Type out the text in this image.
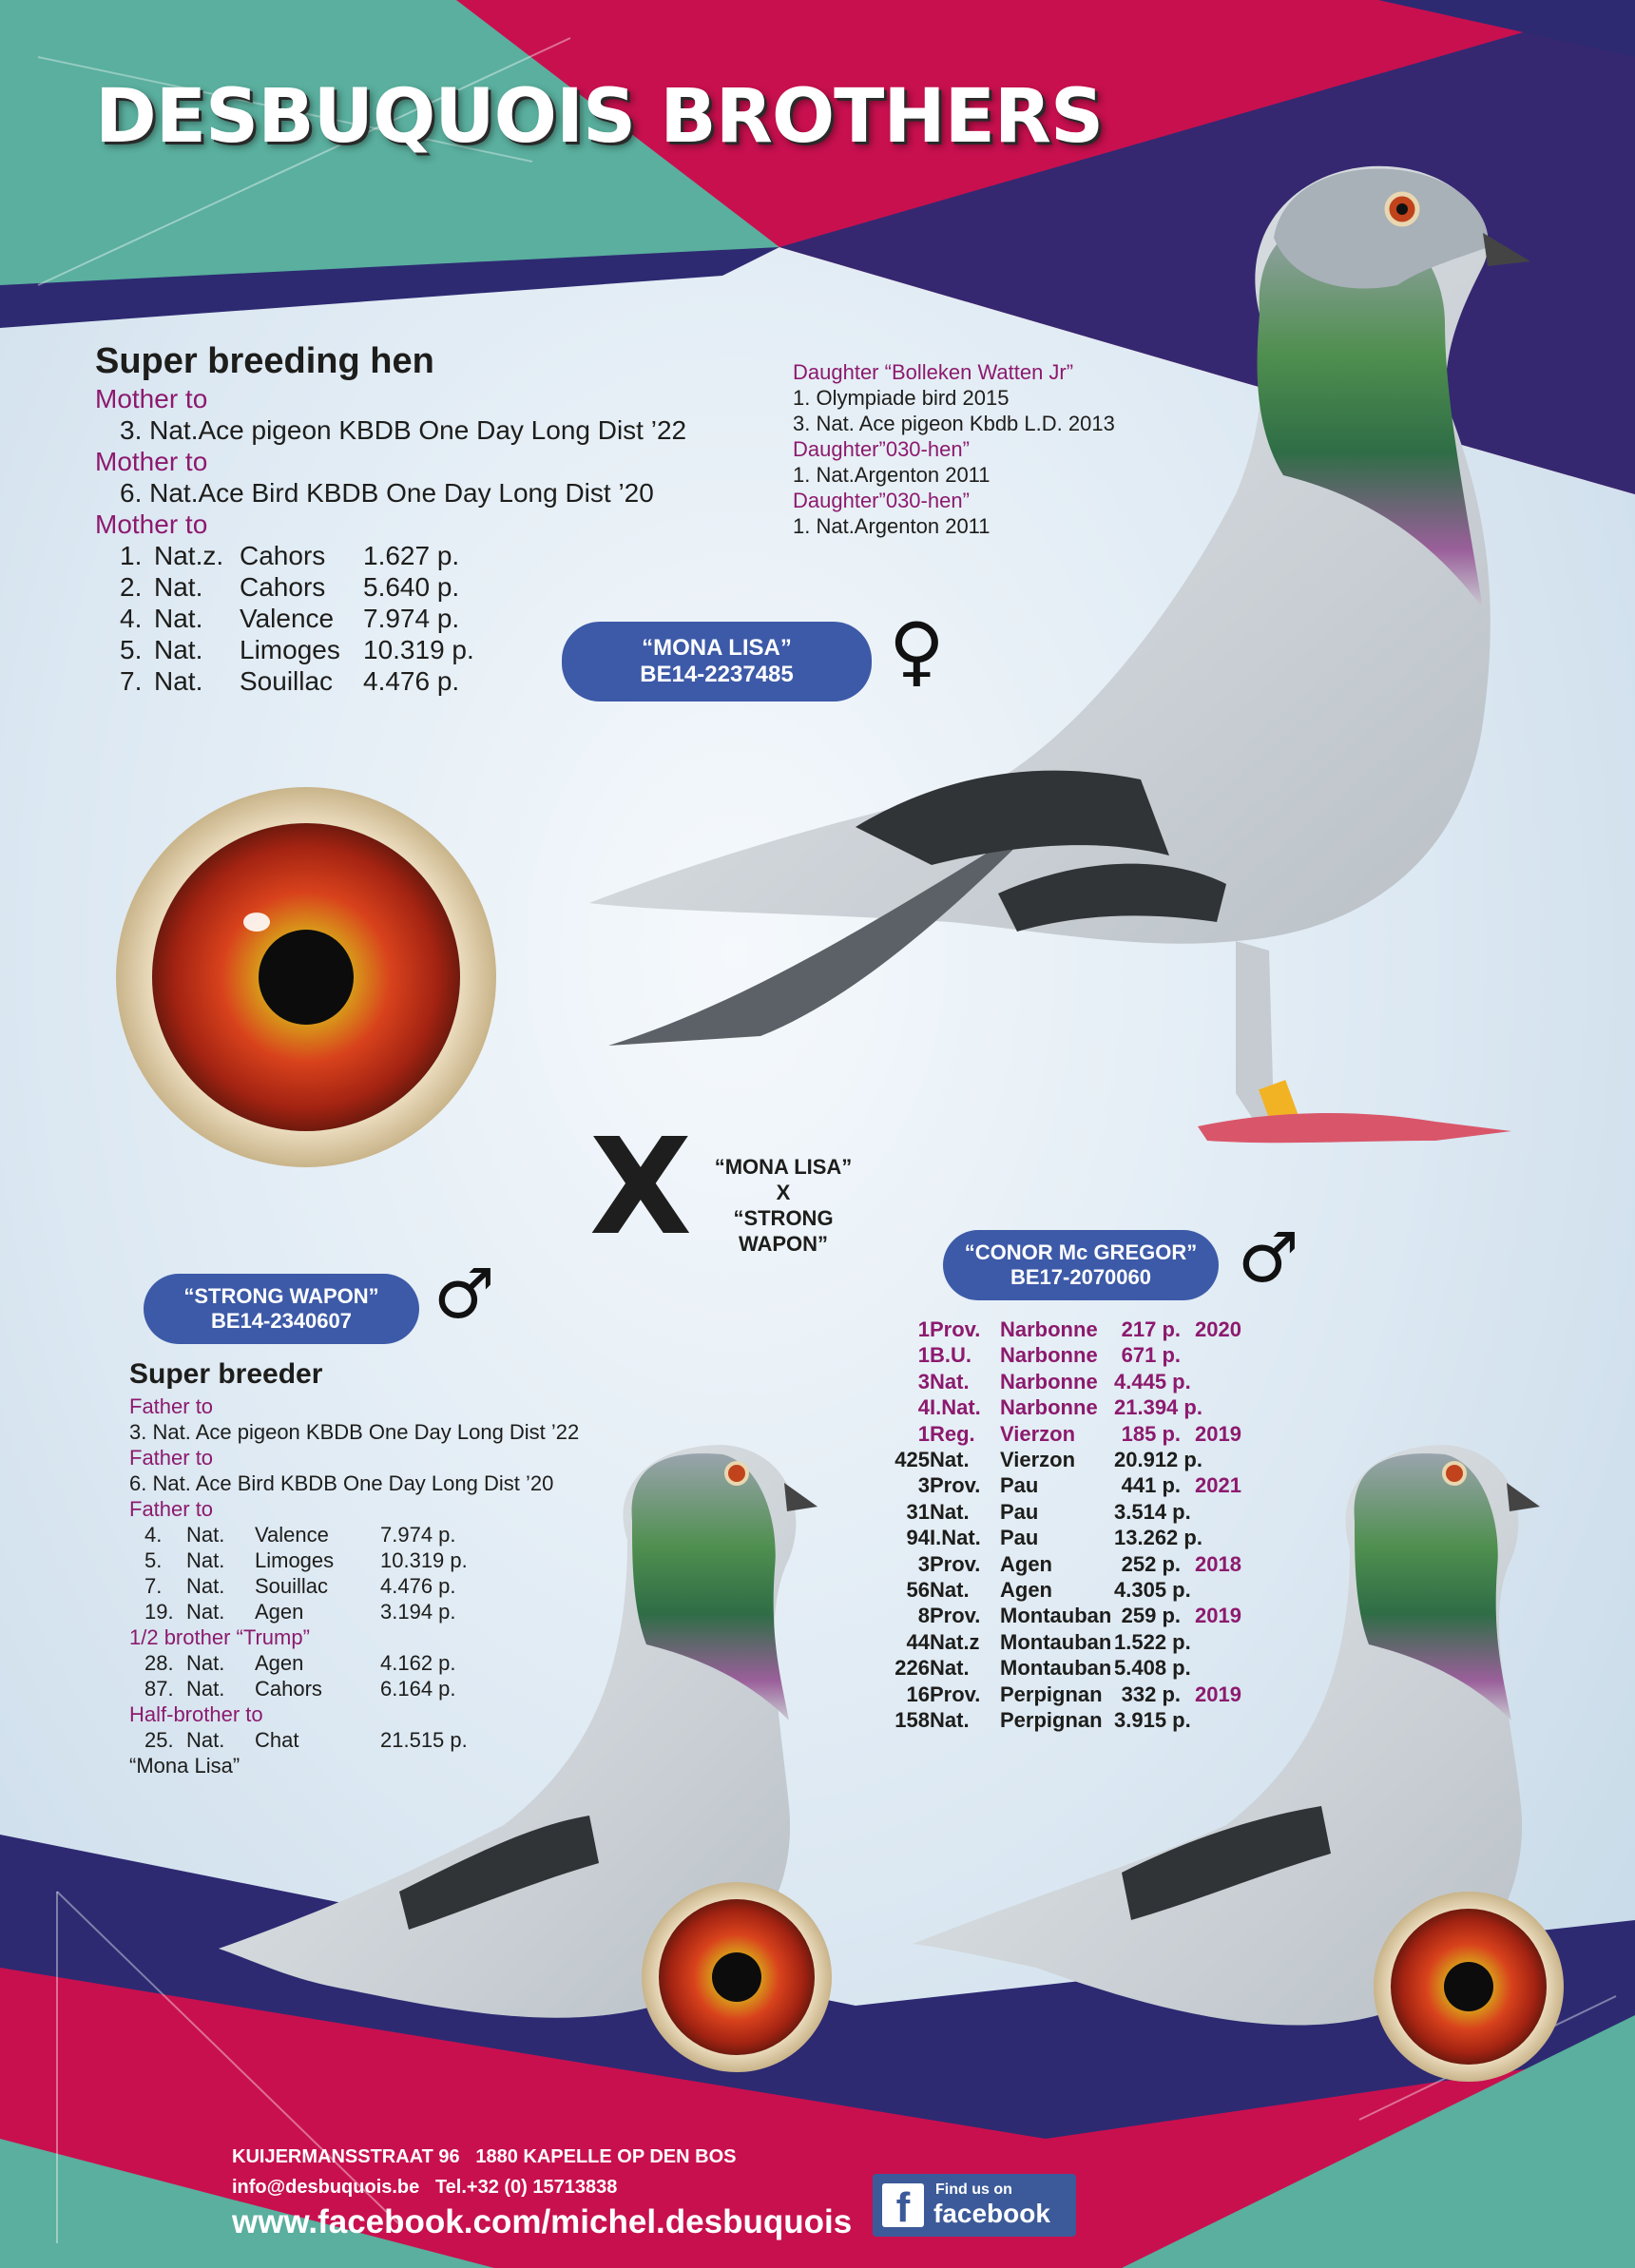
DESBUQUOIS BROTHERS
Super breeding hen
Mother to
3. Nat.Ace pigeon KBDB One Day Long Dist ’22
Mother to
6. Nat.Ace Bird KBDB One Day Long Dist ’20
Mother to
1. Nat.z. Cahors	1.627 p.
2. Nat.	Cahors	5.640 p.
4. Nat.	Valence	7.974 p.
5. Nat.	Limoges 10.319 p.
7. Nat.	Souillac	4.476 p.
Daughter “Bolleken Watten Jr”
1. Olympiade bird 2015
3. Nat. Ace pigeon Kbdb L.D. 2013
Daughter”030-hen”
1. Nat.Argenton 2011
Daughter”030-hen”
1. Nat.Argenton 2011
“MONA LISA”
BE14-2237485	♀
X	“MONA LISA”
X
“STRONG WAPON”
“STRONG WAPON”
BE14-2340607	♂
Super breeder
Father to
3. Nat. Ace pigeon KBDB One Day Long Dist ’22
Father to
6. Nat. Ace Bird KBDB One Day Long Dist ’20
Father to
4.	Nat.	Valence	7.974 p.
5.	Nat.	Limoges	10.319 p.
7.	Nat.	Souillac	4.476 p.
19. Nat.	Agen	3.194 p.
1/2 brother “Trump”
28. Nat.	Agen	4.162 p.
87. Nat.	Cahors	6.164 p.
Half-brother to
25. Nat.	Chat	21.515 p.
“Mona Lisa”
“CONOR Mc GREGOR”
BE17-2070060	♂
1 Prov. Narbonne	217 p. 2020
1 B.U.	Narbonne	671 p.
3 Nat.	Narbonne 4.445 p.
4 I.Nat. Narbonne 21.394 p.
1 Reg.	Vierzon	185 p. 2019
425 Nat.	Vierzon	20.912 p.
3 Prov. Pau	441 p. 2021
31 Nat.	Pau	3.514 p.
94 I.Nat. Pau	13.262 p.
3 Prov. Agen	252 p. 2018
56 Nat.	Agen	4.305 p.
8 Prov. Montauban 259 p. 2019
44 Nat.z Montauban 1.522 p.
226 Nat.	Montauban 5.408 p.
16 Prov. Perpignan 332 p. 2019
158 Nat.	Perpignan 3.915 p.
KUIJERMANSSTRAAT 96   1880 KAPELLE OP DEN BOS
info@desbuquois.be   Tel.+32 (0) 15713838
www.facebook.com/michel.desbuquois	f	Find us on
facebook
